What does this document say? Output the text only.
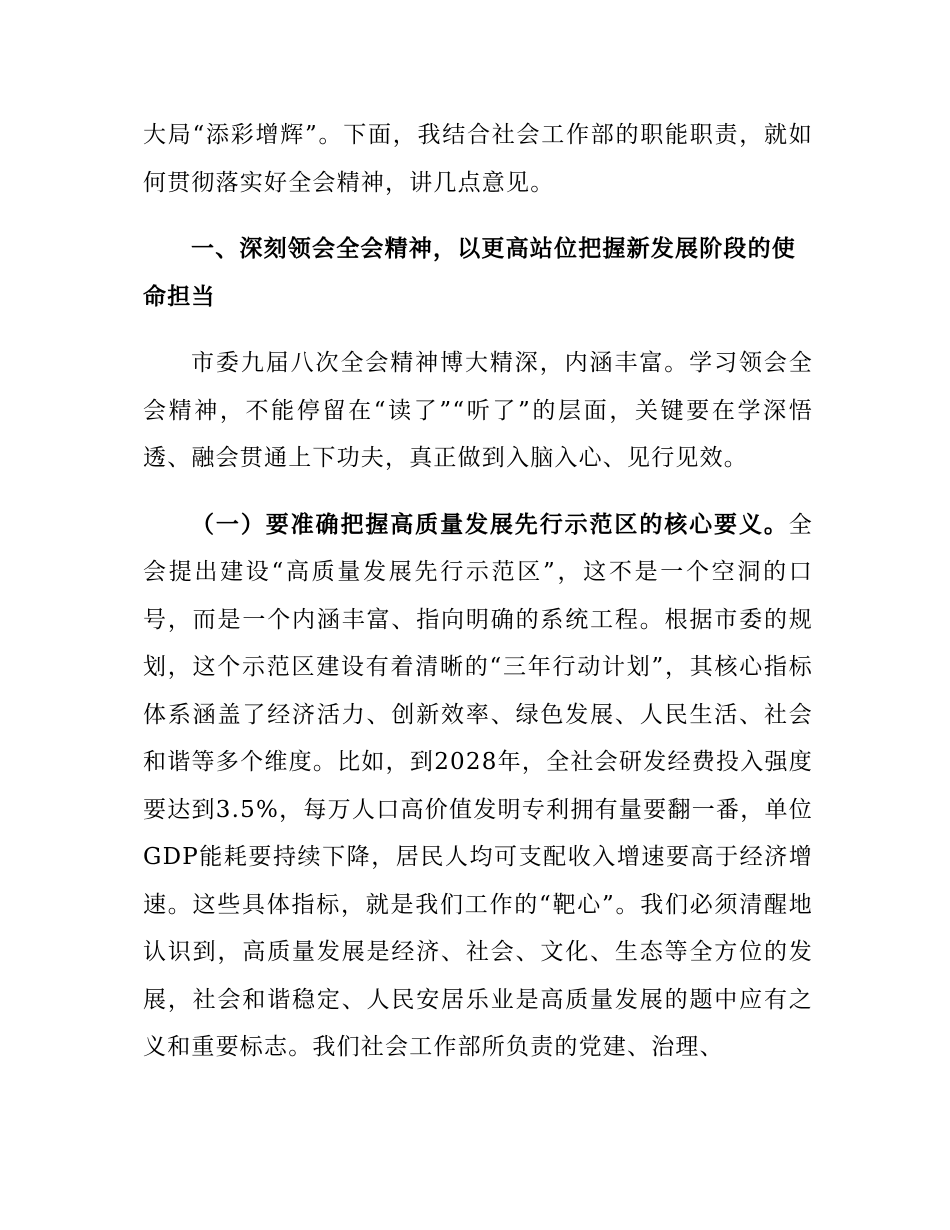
大局“添彩增辉”。下面，我结合社会工作部的职能职责，就如何贯彻落实好全会精神，讲几点意见。

一、深刻领会全会精神，以更高站位把握新发展阶段的使命担当

市委九届八次全会精神博大精深，内涵丰富。学习领会全会精神，不能停留在“读了”“听了”的层面，关键要在学深悟透、融会贯通上下功夫，真正做到入脑入心、见行见效。

（一）要准确把握高质量发展先行示范区的核心要义。全会提出建设“高质量发展先行示范区”，这不是一个空洞的口号，而是一个内涵丰富、指向明确的系统工程。根据市委的规划，这个示范区建设有着清晰的“三年行动计划”，其核心指标体系涵盖了经济活力、创新效率、绿色发展、人民生活、社会和谐等多个维度。比如，到2028年，全社会研发经费投入强度要达到3.5%，每万人口高价值发明专利拥有量要翻一番，单位GDP能耗要持续下降，居民人均可支配收入增速要高于经济增速。这些具体指标，就是我们工作的“靶心”。我们必须清醒地认识到，高质量发展是经济、社会、文化、生态等全方位的发展，社会和谐稳定、人民安居乐业是高质量发展的题中应有之义和重要标志。我们社会工作部所负责的党建、治理、
